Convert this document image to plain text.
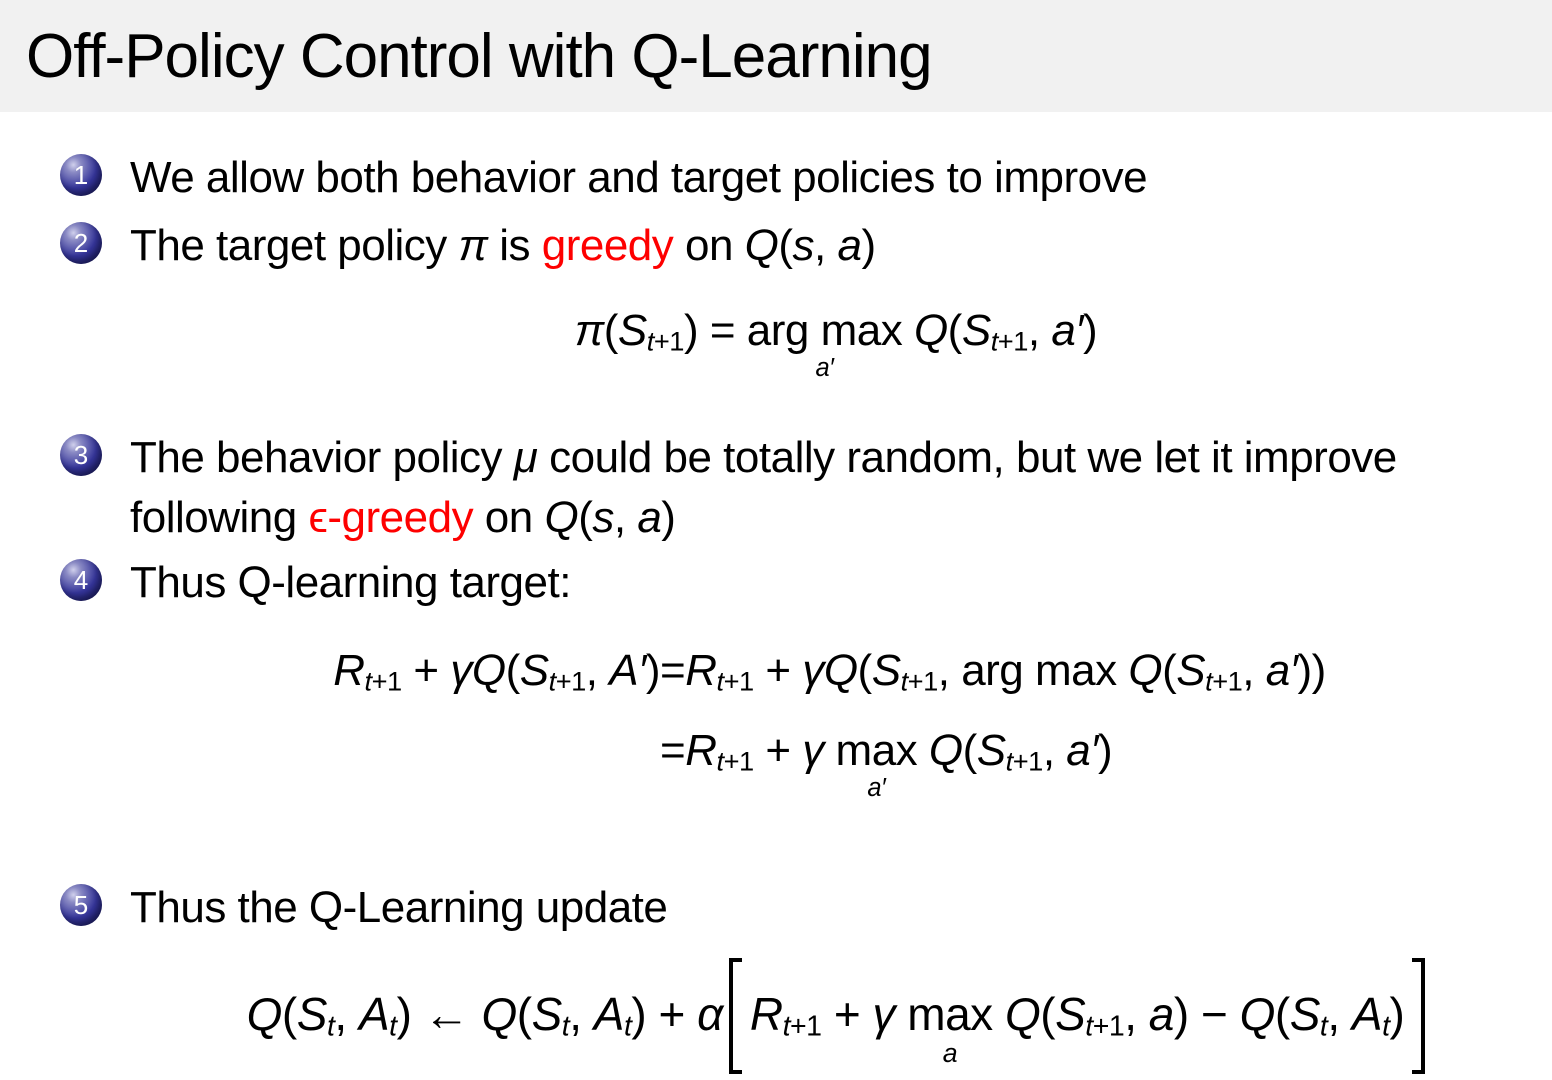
Off-Policy Control with Q-Learning
1 We allow both behavior and target policies to improve
2 The target policy π is greedy on Q(s, a)
π(St+1) = arg max
a′
Q(St+1, a′)
3 The behavior policy μ could be totally random, but we let it improve
following ϵ-greedy on Q(s, a)
4 Thus Q-learning target:
Rt+1 + γQ(St+1, A′) =Rt+1 + γQ(St+1, arg max Q(St+1, a′))
=Rt+1 + γ max
a′
Q(St+1, a′)
5 Thus the Q-Learning update
Q(St, At) ← Q(St, At) + α Rt+1 + γ max
a
Q(St+1, a) − Q(St, At)
